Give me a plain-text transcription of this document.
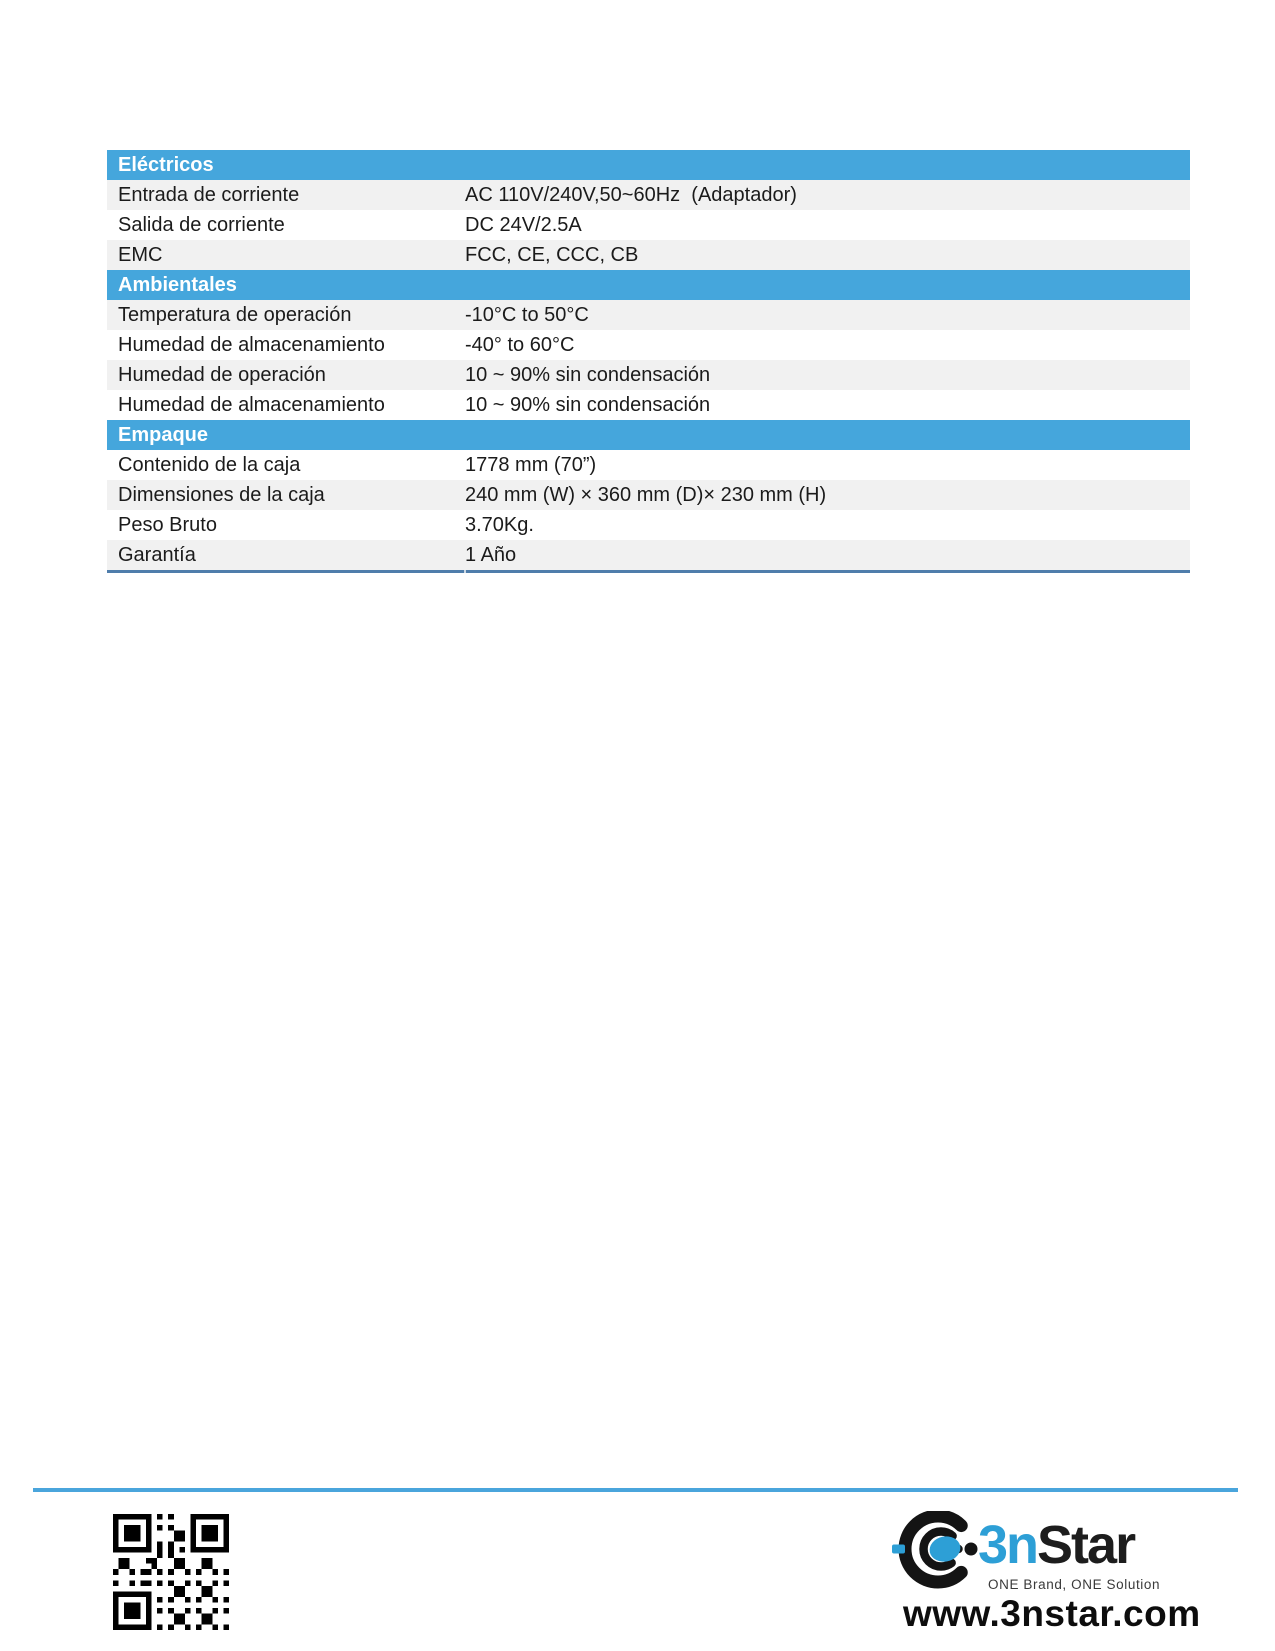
Eléctricos
Entrada de corriente	AC 110V/240V,50~60Hz  (Adaptador)
Salida de corriente	DC 24V/2.5A
EMC	FCC, CE, CCC, CB
Ambientales
Temperatura de operación	-10°C to 50°C
Humedad de almacenamiento	-40° to 60°C
Humedad de operación	10 ~ 90% sin condensación
Humedad de almacenamiento	10 ~ 90% sin condensación
Empaque
Contenido de la caja	1778 mm (70”)
Dimensiones de la caja	240 mm (W) × 360 mm (D)× 230 mm (H)
Peso Bruto	3.70Kg.
Garantía	1 Año
3nStar
ONE Brand, ONE Solution
www.3nstar.com
